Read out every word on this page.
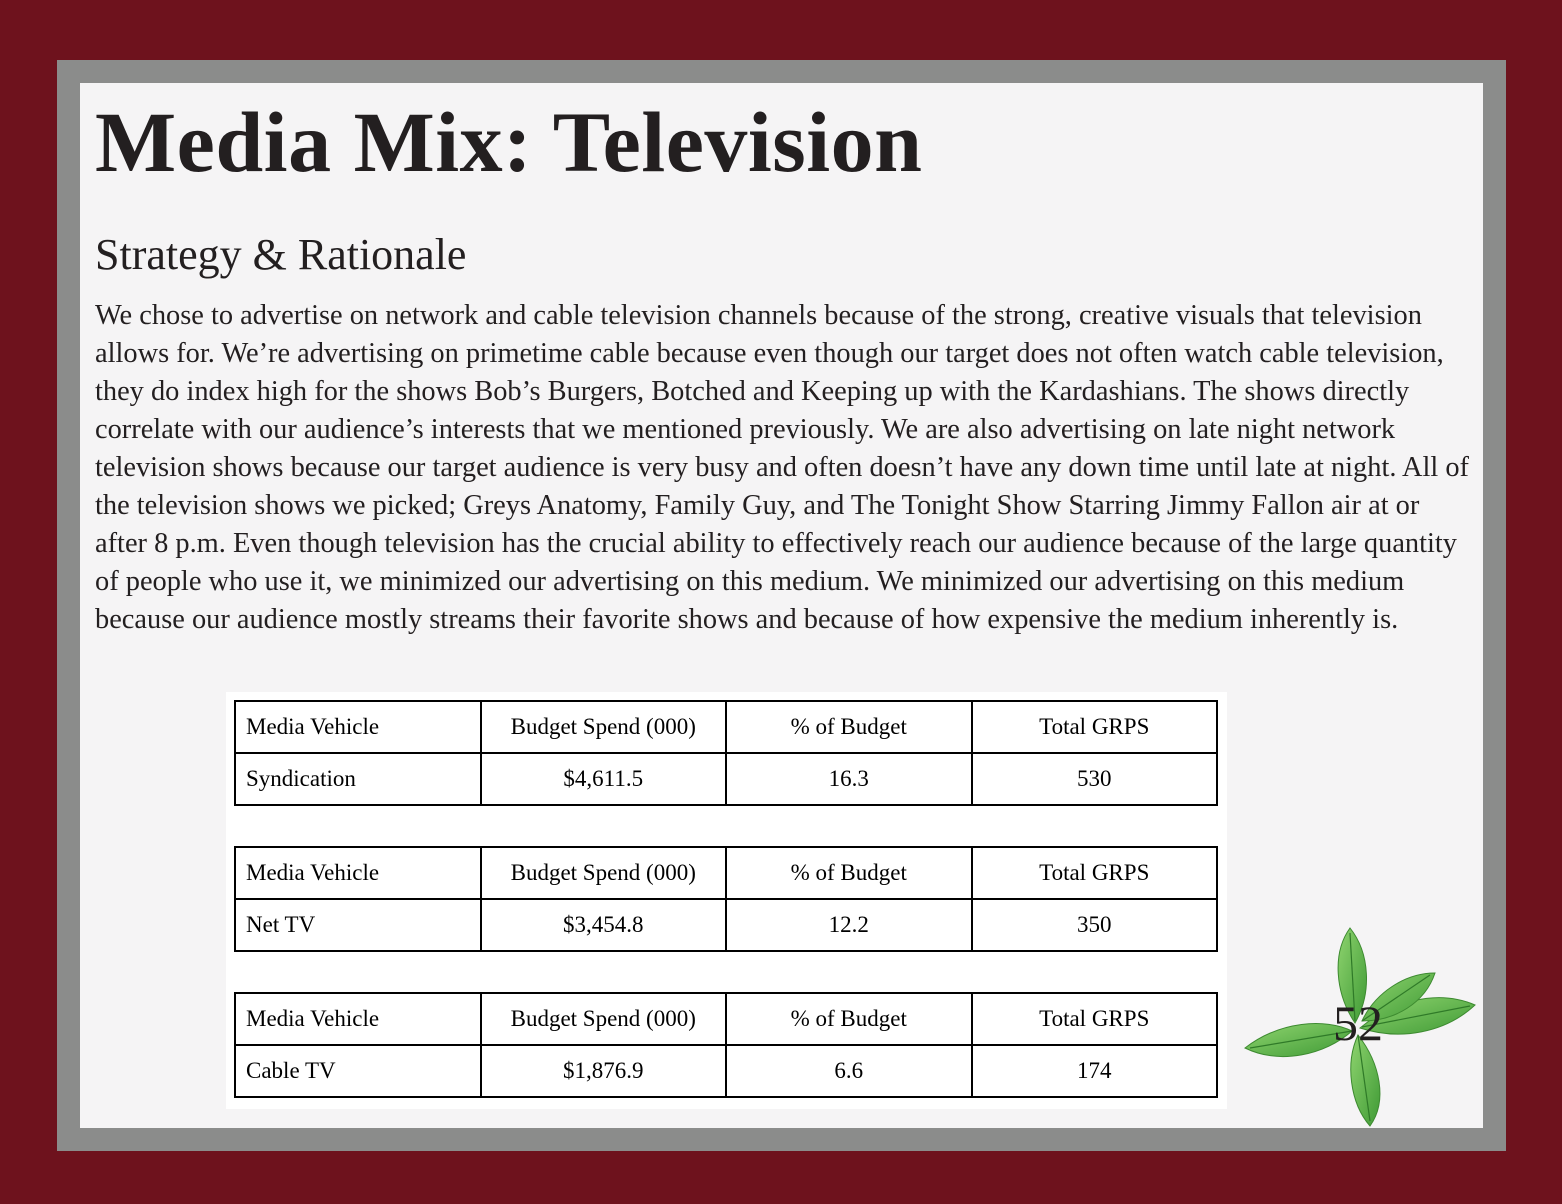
Media Mix: Television
Strategy & Rationale

We chose to advertise on network and cable television channels because of the strong, creative visuals that television allows for. We’re advertising on primetime cable because even though our target does not often watch cable television, they do index high for the shows Bob’s Burgers, Botched and Keeping up with the Kardashians. The shows directly correlate with our audience’s interests that we mentioned previously. We are also advertising on late night network television shows because our target audience is very busy and often doesn’t have any down time until late at night. All of the television shows we picked; Greys Anatomy, Family Guy, and The Tonight Show Starring Jimmy Fallon air at or after 8 p.m. Even though television has the crucial ability to effectively reach our audience because of the large quantity of people who use it, we minimized our advertising on this medium. We minimized our advertising on this medium because our audience mostly streams their favorite shows and because of how expensive the medium inherently is.

Media Vehicle	Budget Spend (000)	% of Budget	Total GRPS
Syndication	$4,611.5	16.3	530
Media Vehicle	Budget Spend (000)	% of Budget	Total GRPS
Net TV	$3,454.8	12.2	350
Media Vehicle	Budget Spend (000)	% of Budget	Total GRPS
Cable TV	$1,876.9	6.6	174
52
